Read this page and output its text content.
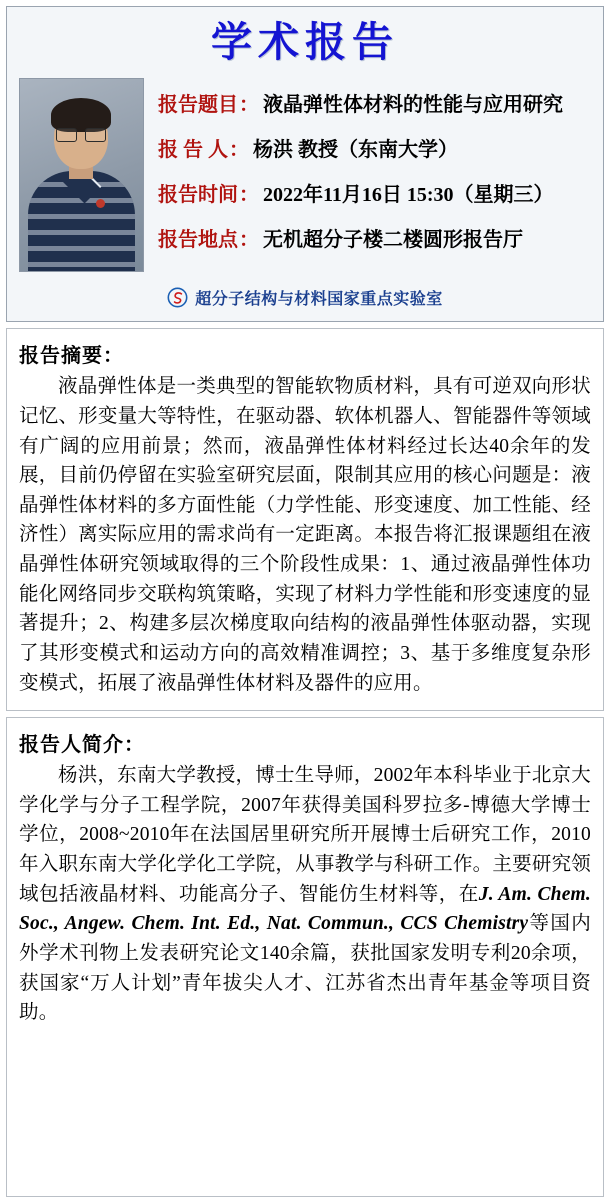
学术报告
报告题目 ： 液晶弹性体材料的性能与应用研究
报 告 人 ： 杨洪 教授（东南大学）
报告时间 ： 2022年11月16日 15:30（星期三）
报告地点 ： 无机超分子楼二楼圆形报告厅
超分子结构与材料国家重点实验室
报告摘要：

液晶弹性体是一类典型的智能软物质材料，具有可逆双向形状记忆、形变量大等特性，在驱动器、软体机器人、智能器件等领域有广阔的应用前景；然而，液晶弹性体材料经过长达40余年的发展，目前仍停留在实验室研究层面，限制其应用的核心问题是：液晶弹性体材料的多方面性能（力学性能、形变速度、加工性能、经济性）离实际应用的需求尚有一定距离。本报告将汇报课题组在液晶弹性体研究领域取得的三个阶段性成果：1、通过液晶弹性体功能化网络同步交联构筑策略，实现了材料力学性能和形变速度的显著提升；2、构建多层次梯度取向结构的液晶弹性体驱动器，实现了其形变模式和运动方向的高效精准调控；3、基于多维度复杂形变模式，拓展了液晶弹性体材料及器件的应用。

报告人简介：

杨洪，东南大学教授，博士生导师，2002年本科毕业于北京大学化学与分子工程学院，2007年获得美国科罗拉多-博德大学博士学位，2008~2010年在法国居里研究所开展博士后研究工作，2010年入职东南大学化学化工学院，从事教学与科研工作。主要研究领域包括液晶材料、功能高分子、智能仿生材料等，在J. Am. Chem. Soc., Angew. Chem. Int. Ed., Nat. Commun., CCS Chemistry等国内外学术刊物上发表研究论文140余篇，获批国家发明专利20余项，获国家“万人计划”青年拔尖人才、江苏省杰出青年基金等项目资助。
